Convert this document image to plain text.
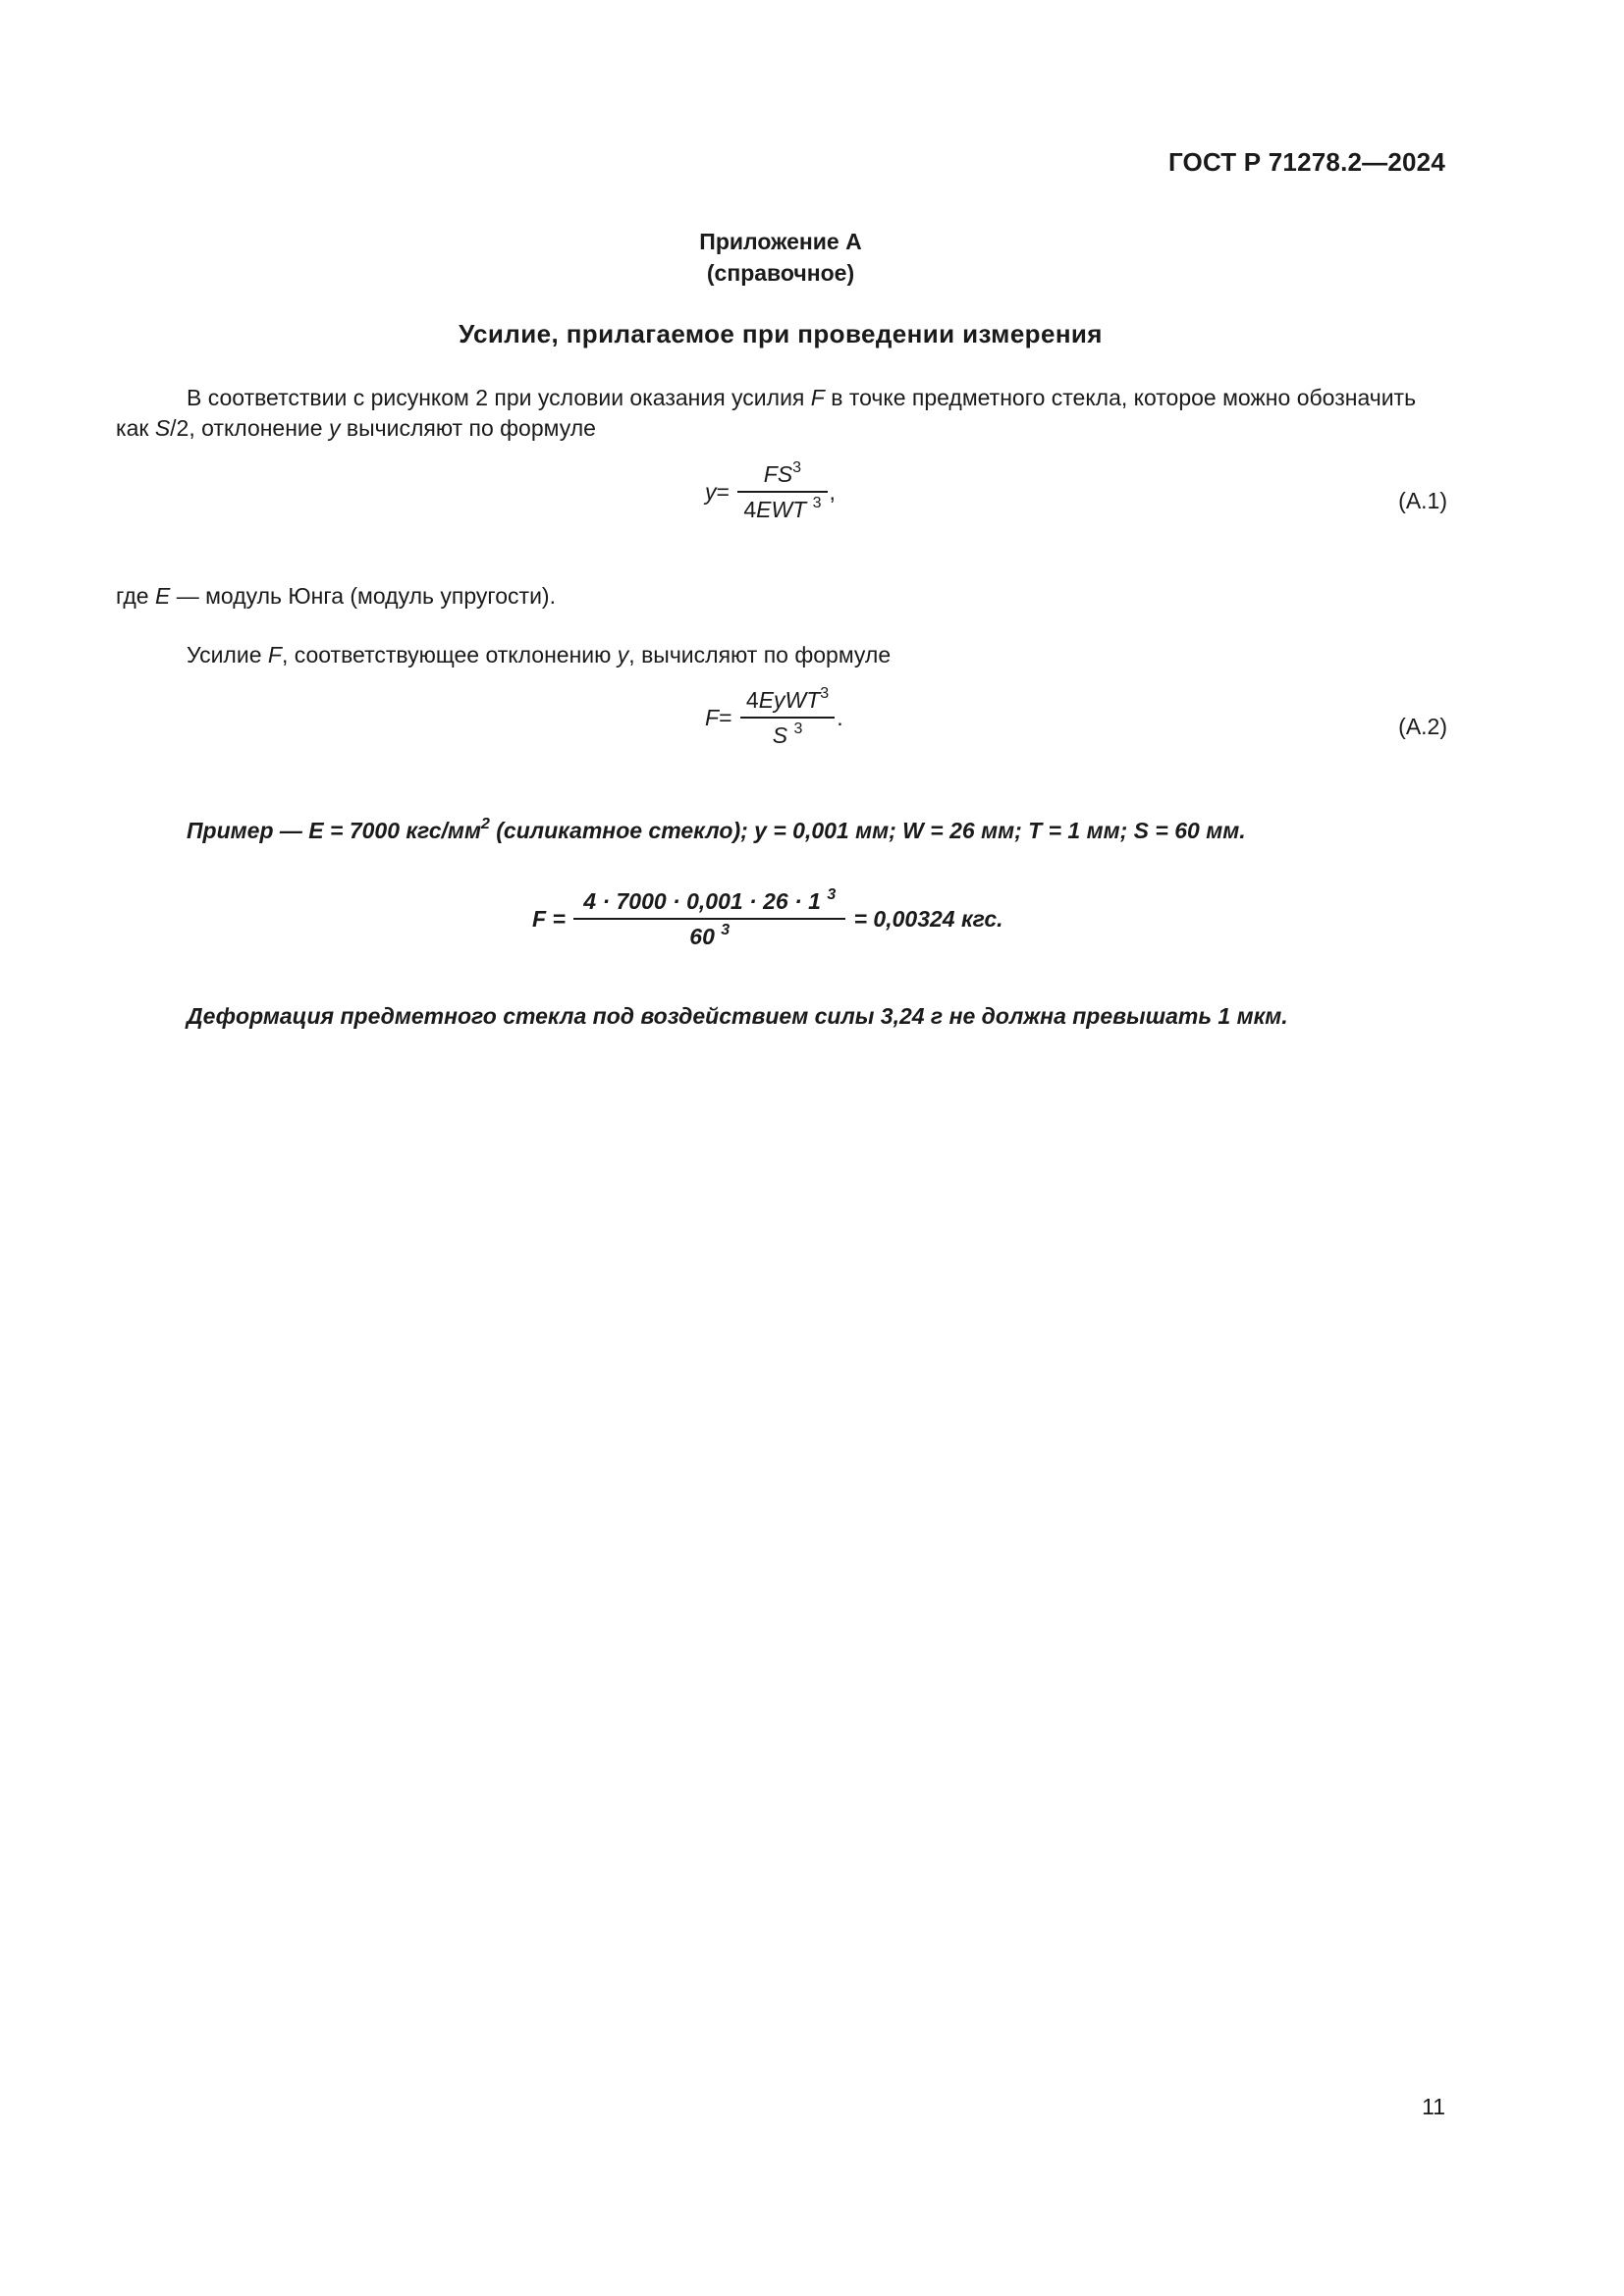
ГОСТ Р 71278.2—2024
Приложение А
(справочное)
Усилие, прилагаемое при проведении измерения
В соответствии с рисунком 2 при условии оказания усилия F в точке предметного стекла, которое можно обозначить как S/2, отклонение y вычисляют по формуле
y =
$\frac{FS^3}{4EWT ^3}$ ,	(А.1)
где E — модуль Юнга (модуль упругости).
Усилие F, соответствующее отклонению y, вычисляют по формуле
F =
$\frac{4EyWT^3}{S ^3}$ .	(А.2)
Пример — E = 7000 кгс/$мм^2$ (силикатное стекло); y = 0,001 мм; W = 26 мм; T = 1 мм; S = 60 мм.
F =
$\frac{4 \cdot 7000 \cdot 0,001 \cdot 26 \cdot 1 ^3}{60 ^3}$
= 0,00324 кгс.
Деформация предметного стекла под воздействием силы 3,24 г не должна превышать 1 мкм.
11
